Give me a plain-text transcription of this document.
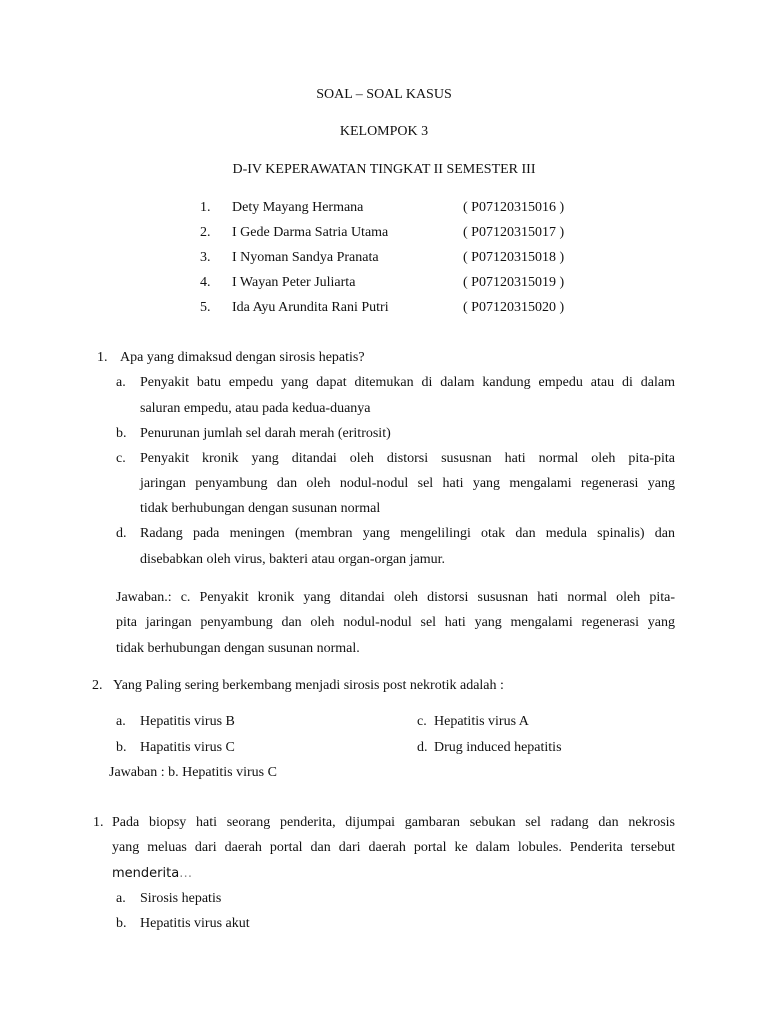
SOAL – SOAL KASUS
KELOMPOK 3
D-IV KEPERAWATAN TINGKAT II SEMESTER III
1. Dety Mayang Hermana	( P07120315016 )
2. I Gede Darma Satria Utama	( P07120315017 )
3. I Nyoman Sandya Pranata	( P07120315018 )
4. I Wayan Peter Juliarta	( P07120315019 )
5. Ida Ayu Arundita Rani Putri	( P07120315020 )
1. Apa yang dimaksud dengan sirosis hepatis?
a. Penyakit batu empedu yang dapat ditemukan di dalam kandung empedu atau di dalam
saluran empedu, atau pada kedua-duanya
b. Penurunan jumlah sel darah merah (eritrosit)
c. Penyakit kronik yang ditandai oleh distorsi sususnan hati normal oleh pita-pita
jaringan penyambung dan oleh nodul-nodul sel hati yang mengalami regenerasi yang
tidak berhubungan dengan susunan normal
d. Radang pada meningen (membran yang mengelilingi otak dan medula spinalis) dan
disebabkan oleh virus, bakteri atau organ-organ jamur.
Jawaban.: c. Penyakit kronik yang ditandai oleh distorsi sususnan hati normal oleh pita-
pita jaringan penyambung dan oleh nodul-nodul sel hati yang mengalami regenerasi yang
tidak berhubungan dengan susunan normal.
2. Yang Paling sering berkembang menjadi sirosis post nekrotik adalah :
a. Hepatitis virus B	c. Hepatitis virus A
b. Hapatitis virus C	d. Drug induced hepatitis
Jawaban : b. Hepatitis virus C
1. Pada biopsy hati seorang penderita, dijumpai gambaran sebukan sel radang dan nekrosis
yang meluas dari daerah portal dan dari daerah portal ke dalam lobules. Penderita tersebut
menderita…
a. Sirosis hepatis
b. Hepatitis virus akut
